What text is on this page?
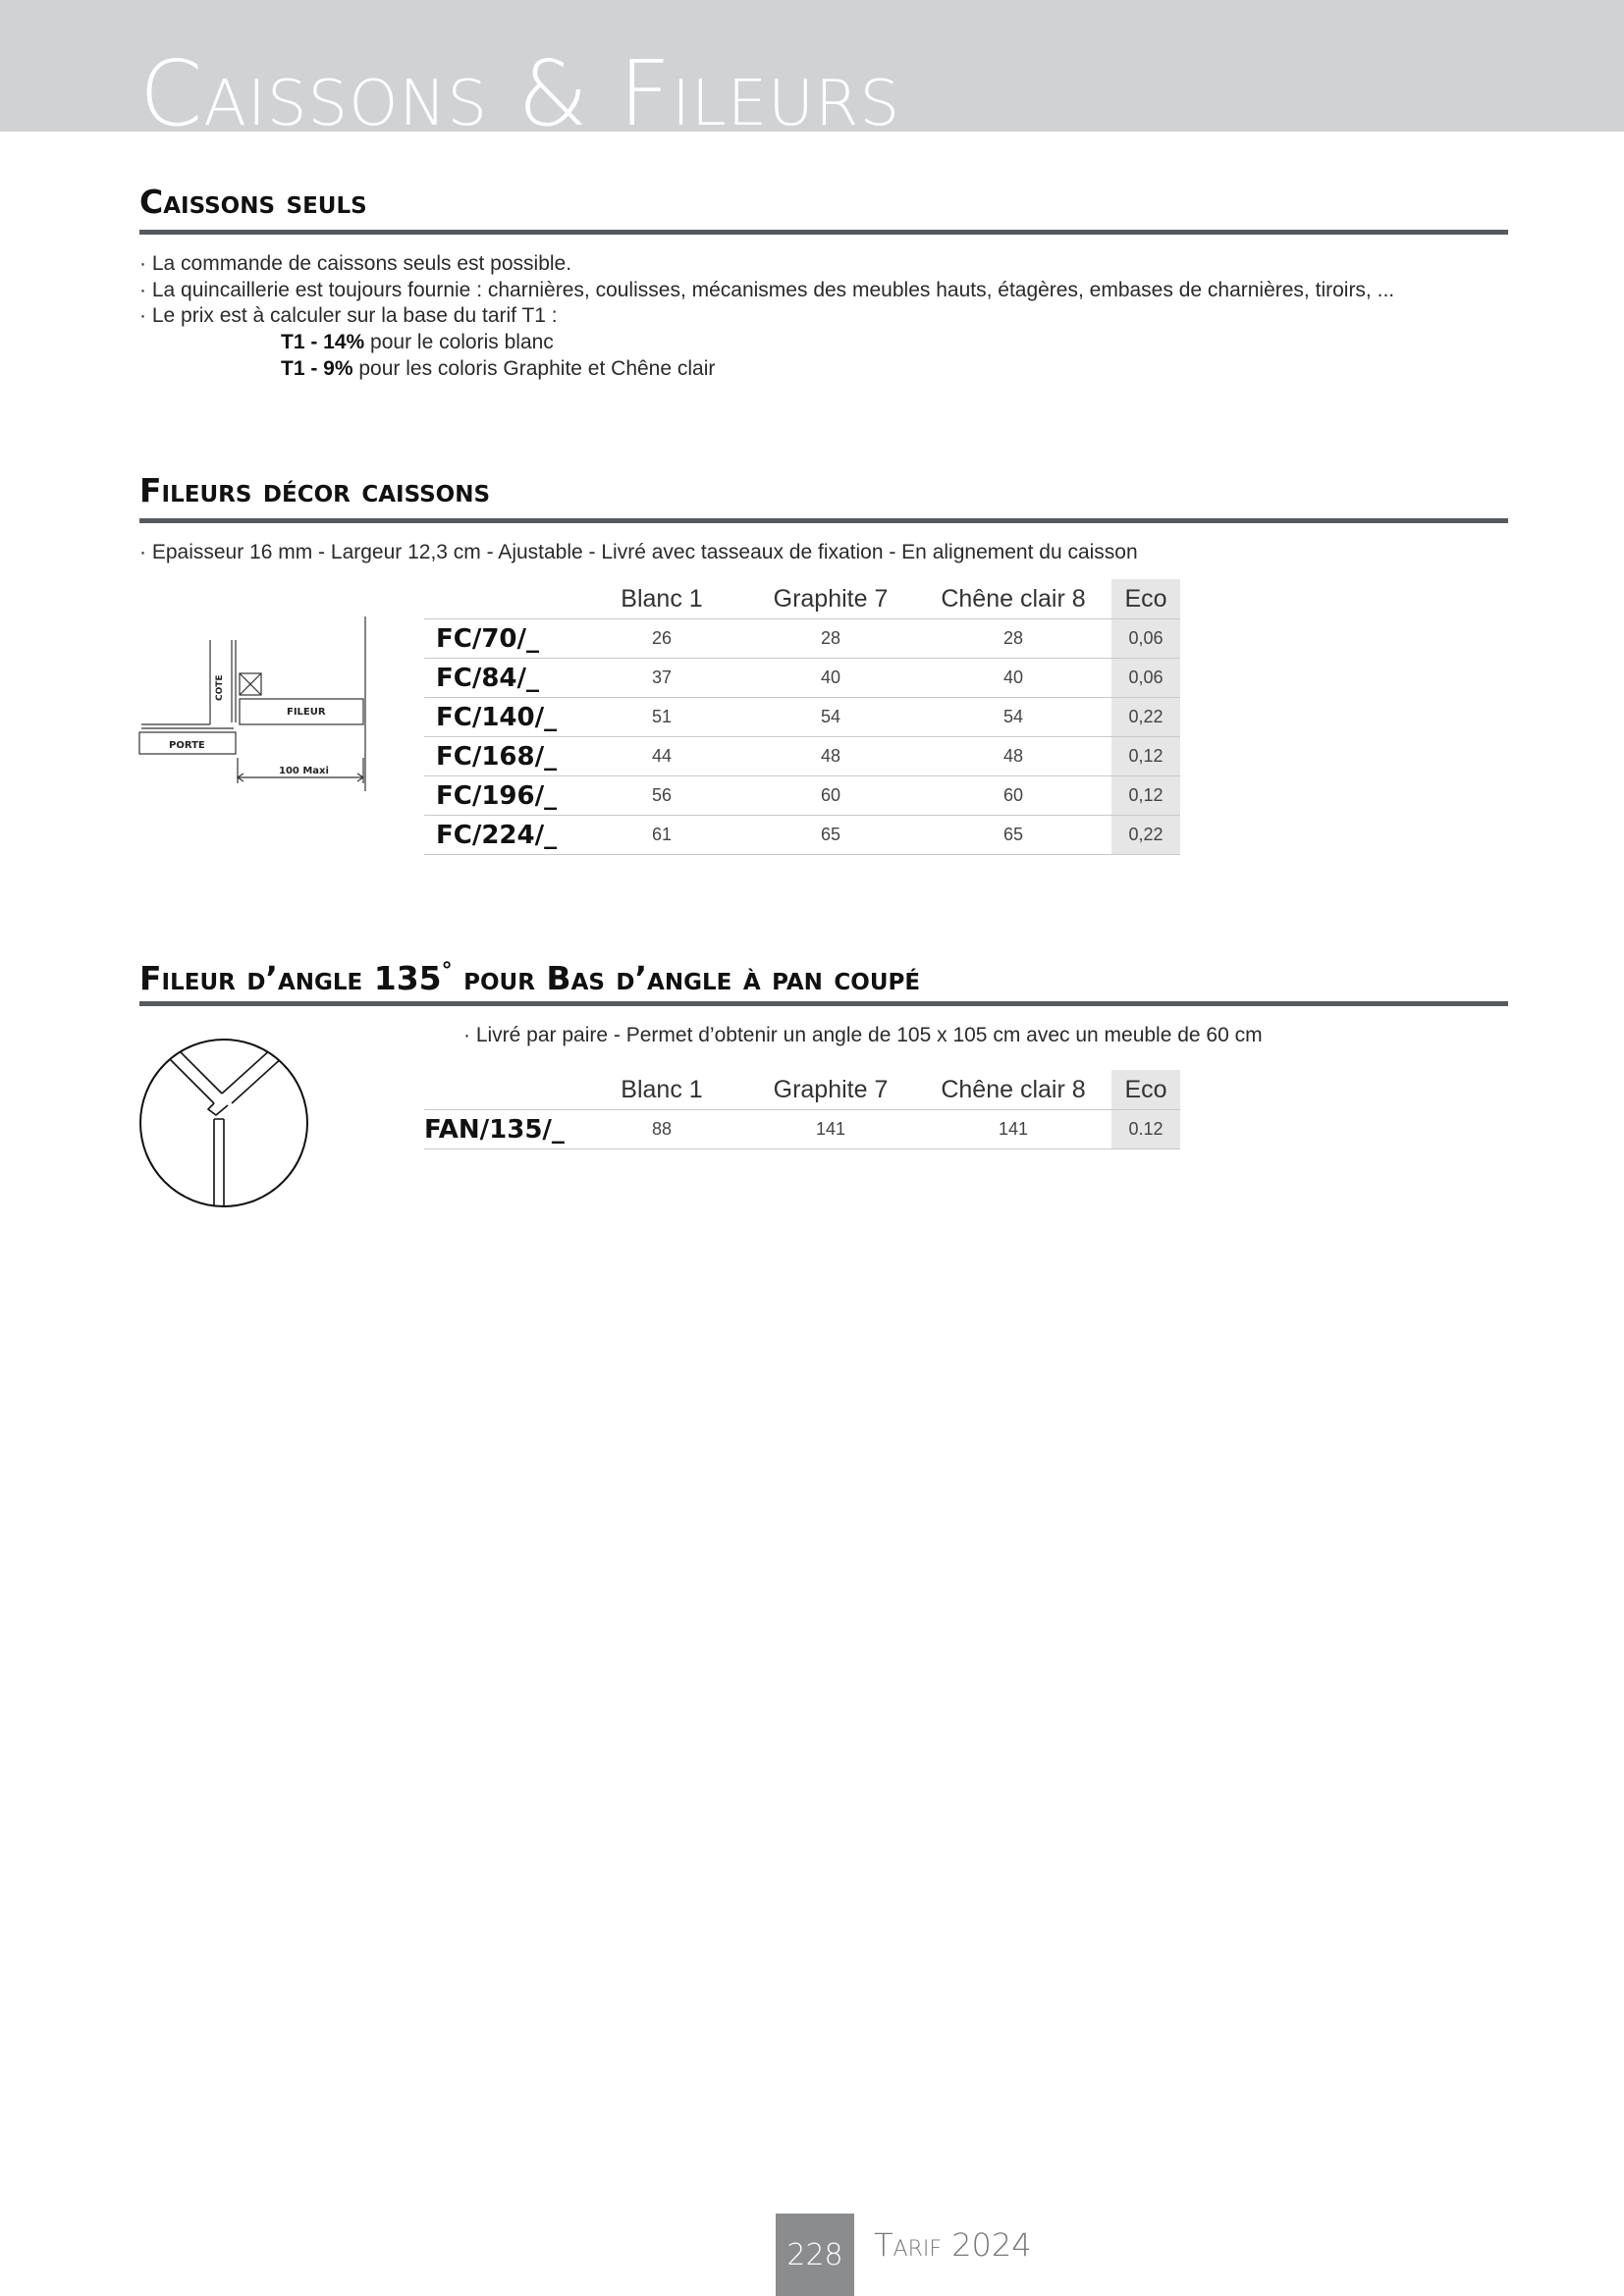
Caissons & Fileurs
Caissons seuls

· La commande de caissons seuls est possible.

· La quincaillerie est toujours fournie : charnières, coulisses, mécanismes des meubles hauts, étagères, embases de charnières, tiroirs, ...

· Le prix est à calculer sur la base du tarif T1 :

T1 - 14% pour le coloris blanc

T1 - 9% pour les coloris Graphite et Chêne clair

Fileurs décor caissons

· Epaisseur 16 mm - Largeur 12,3 cm - Ajustable - Livré avec tasseaux de fixation - En alignement du caisson

COTE
FILEUR
PORTE
100 Maxi
	Blanc 1	Graphite 7	Chêne clair 8	Eco
FC/70/_	26	28	28	0,06
FC/84/_	37	40	40	0,06
FC/140/_	51	54	54	0,22
FC/168/_	44	48	48	0,12
FC/196/_	56	60	60	0,12
FC/224/_	61	65	65	0,22
Fileur d’angle 135° pour Bas d’angle à pan coupé

· Livré par paire - Permet d’obtenir un angle de 105 x 105 cm avec un meuble de 60 cm

	Blanc 1	Graphite 7	Chêne clair 8	Eco
FAN/135/_	88	141	141	0.12
228 Tarif 2024
